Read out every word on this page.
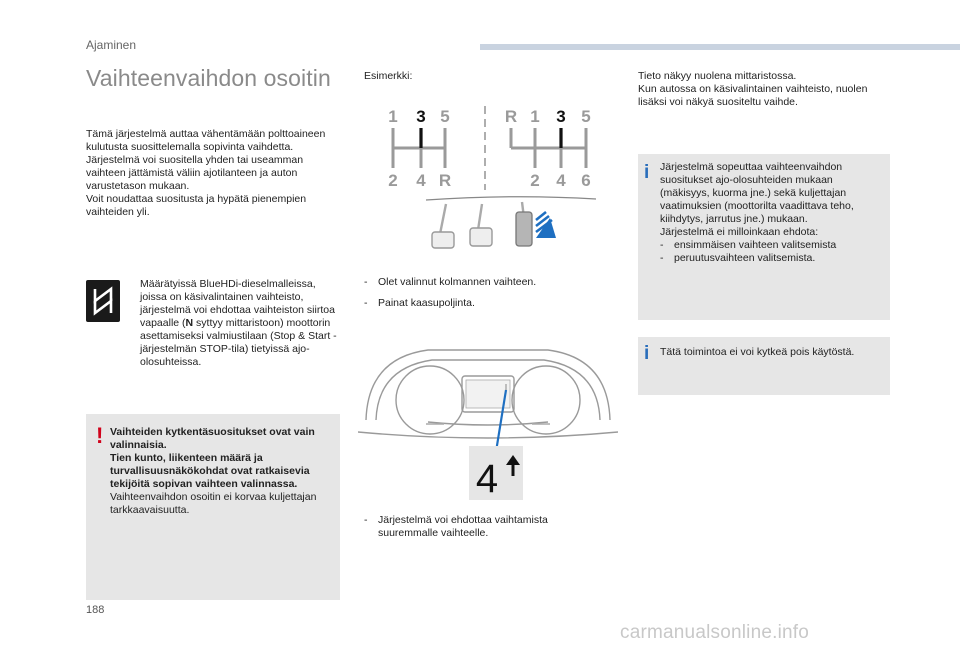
Ajaminen
Vaihteenvaihdon osoitin

Tämä järjestelmä auttaa vähentämään polttoaineen kulutusta suosittelemalla sopivinta vaihdetta.

Järjestelmä voi suositella yhden tai useamman vaihteen jättämistä väliin ajotilanteen ja auton varustetason mukaan.

Voit noudattaa suositusta ja hypätä pienempien vaihteiden yli.

Määrätyissä BlueHDi-dieselmalleissa, joissa on käsivalintainen vaihteisto, järjestelmä voi ehdottaa vaihteiston siirtoa vapaalle (N syttyy mittaristoon) moottorin asettamiseksi valmiustilaan (Stop & Start -järjestelmän STOP-tila) tietyissä ajo-olosuhteissa.

! Vaihteiden kytkentäsuositukset ovat vain valinnaisia.
Tien kunto, liikenteen määrä ja turvallisuusnäkökohdat ovat ratkaisevia tekijöitä sopivan vaihteen valinnassa.
Vaihteenvaihdon osoitin ei korvaa kuljettajan tarkkaavaisuutta.
Esimerkki:
1 3 5
2 4 R
R 1 3 5
2 4 6
-	Olet valinnut kolmannen vaihteen.
-	Painat kaasupoljinta.
4
-	Järjestelmä voi ehdottaa vaihtamista suuremmalle vaihteelle.
Tieto näkyy nuolena mittaristossa.
Kun autossa on käsivalintainen vaihteisto, nuolen lisäksi voi näkyä suositeltu vaihde.
i Järjestelmä sopeuttaa vaihteenvaihdon suositukset ajo-olosuhteiden mukaan (mäkisyys, kuorma jne.) sekä kuljettajan vaatimuksien (moottorilta vaadittava teho, kiihdytys, jarrutus jne.) mukaan.
Järjestelmä ei milloinkaan ehdota:
-	ensimmäisen vaihteen valitsemista
-	peruutusvaihteen valitsemista.
i Tätä toimintoa ei voi kytkeä pois käytöstä.
188
carmanualsonline.info
